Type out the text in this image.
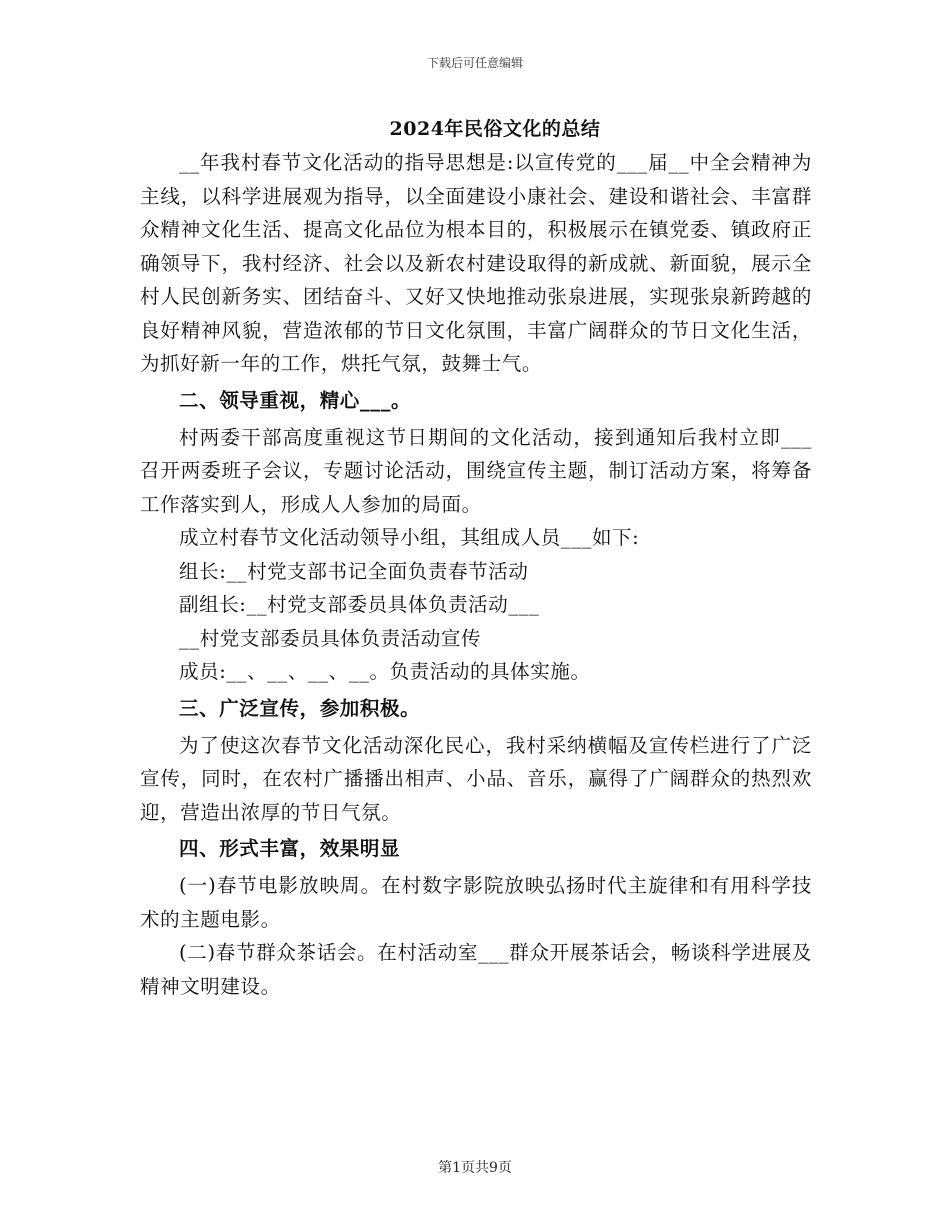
下载后可任意编辑
2024年民俗文化的总结

__年我村春节文化活动的指导思想是:以宣传党的___届__中全会精神为主线，以科学进展观为指导，以全面建设小康社会、建设和谐社会、丰富群众精神文化生活、提高文化品位为根本目的，积极展示在镇党委、镇政府正确领导下，我村经济、社会以及新农村建设取得的新成就、新面貌，展示全村人民创新务实、团结奋斗、又好又快地推动张泉进展，实现张泉新跨越的良好精神风貌，营造浓郁的节日文化氛围，丰富广阔群众的节日文化生活，为抓好新一年的工作，烘托气氛，鼓舞士气。

二、领导重视，精心___。

村两委干部高度重视这节日期间的文化活动，接到通知后我村立即___召开两委班子会议，专题讨论活动，围绕宣传主题，制订活动方案，将筹备工作落实到人，形成人人参加的局面。

成立村春节文化活动领导小组，其组成人员___如下:

组长:__村党支部书记全面负责春节活动

副组长:__村党支部委员具体负责活动___

__村党支部委员具体负责活动宣传

成员:__、__、__、__。负责活动的具体实施。

三、广泛宣传，参加积极。

为了使这次春节文化活动深化民心，我村采纳横幅及宣传栏进行了广泛宣传，同时，在农村广播播出相声、小品、音乐，赢得了广阔群众的热烈欢迎，营造出浓厚的节日气氛。

四、形式丰富，效果明显

(一)春节电影放映周。在村数字影院放映弘扬时代主旋律和有用科学技术的主题电影。

(二)春节群众茶话会。在村活动室___群众开展茶话会，畅谈科学进展及精神文明建设。

第1页共9页
